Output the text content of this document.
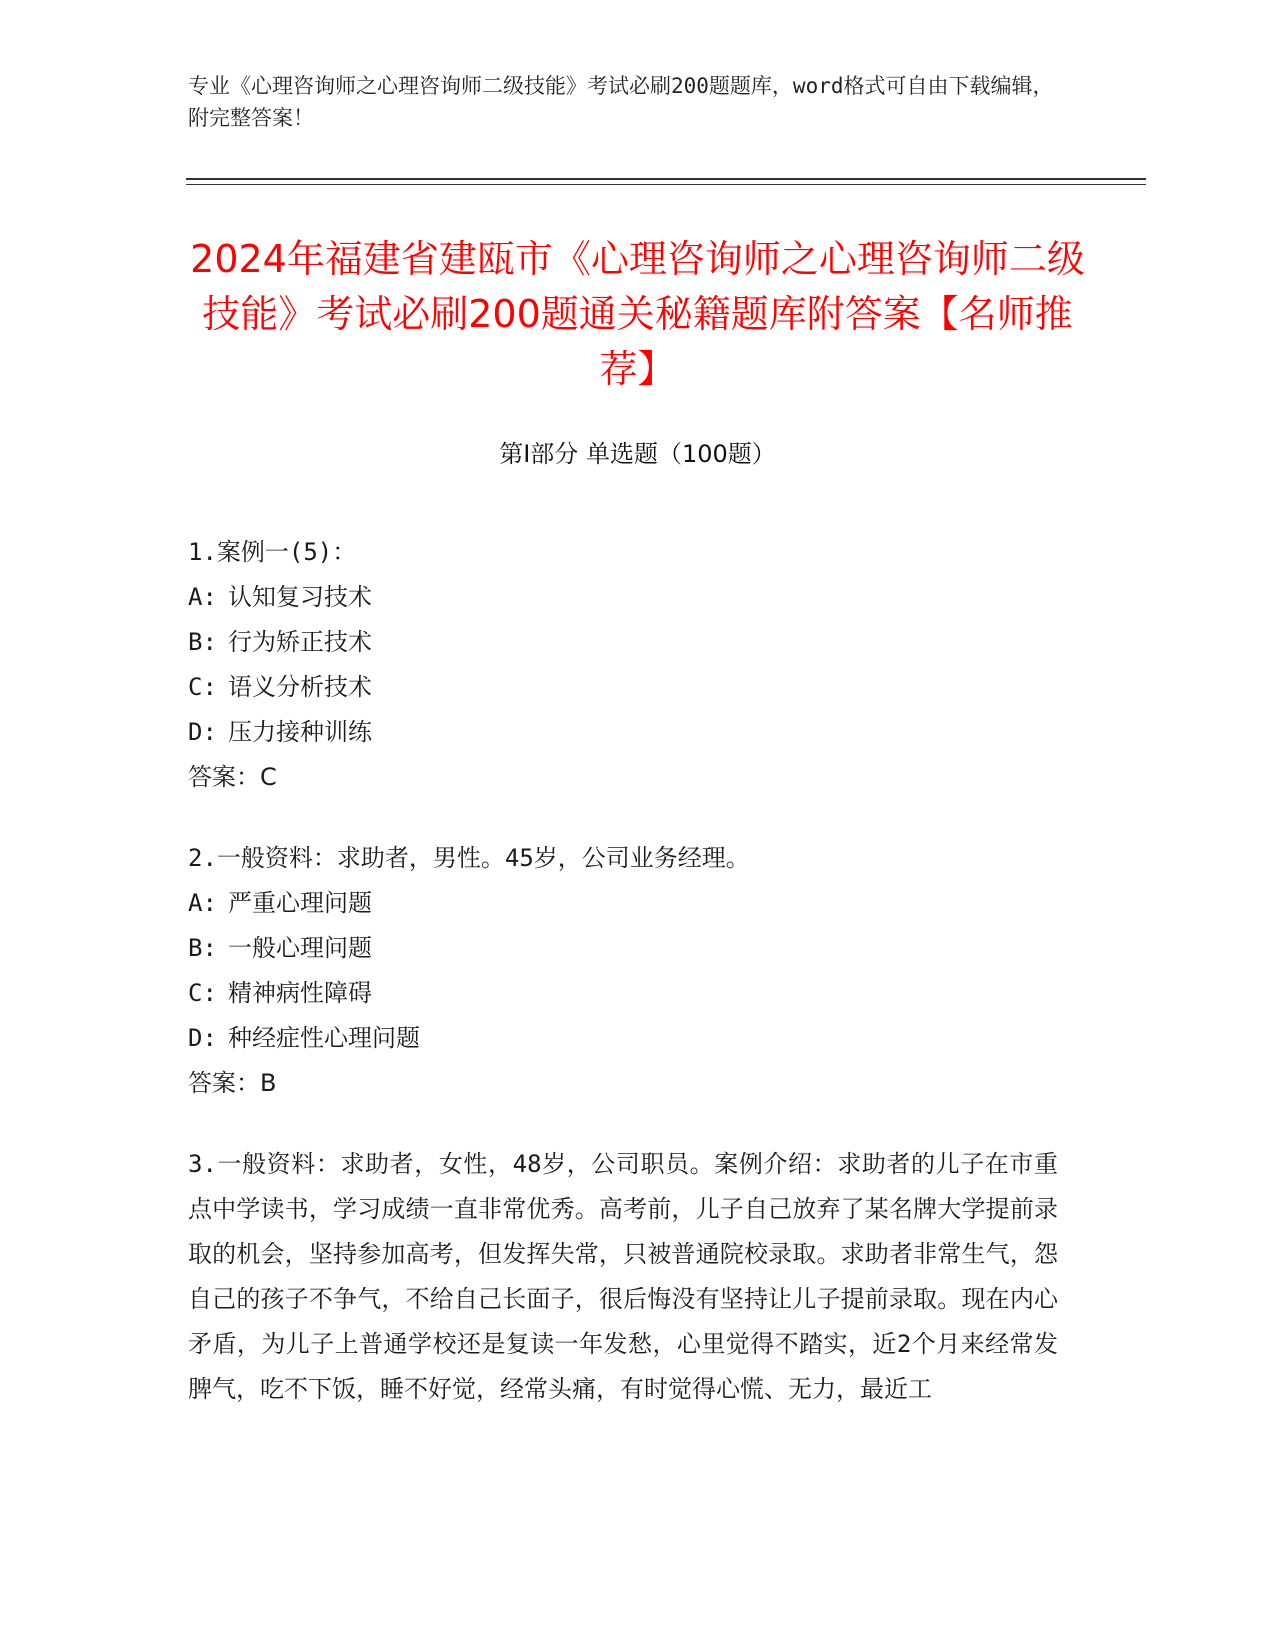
专业《心理咨询师之心理咨询师二级技能》考试必刷200题题库，word格式可自由下载编辑，附完整答案！
2024年福建省建瓯市《心理咨询师之心理咨询师二级技能》考试必刷200题通关秘籍题库附答案【名师推荐】
第Ⅰ部分 单选题（100题）
1.案例一(5)：
A: 认知复习技术
B: 行为矫正技术
C: 语义分析技术
D: 压力接种训练
答案：C
2.一般资料：求助者，男性。45岁，公司业务经理。
A: 严重心理问题
B: 一般心理问题
C: 精神病性障碍
D: 种经症性心理问题
答案：B
3.一般资料：求助者，女性，48岁，公司职员。案例介绍：求助者的儿子在市重点中学读书，学习成绩一直非常优秀。高考前，儿子自己放弃了某名牌大学提前录取的机会，坚持参加高考，但发挥失常，只被普通院校录取。求助者非常生气，怨自己的孩子不争气，不给自己长面子，很后悔没有坚持让儿子提前录取。现在内心矛盾，为儿子上普通学校还是复读一年发愁，心里觉得不踏实，近2个月来经常发脾气，吃不下饭，睡不好觉，经常头痛，有时觉得心慌、无力，最近工
